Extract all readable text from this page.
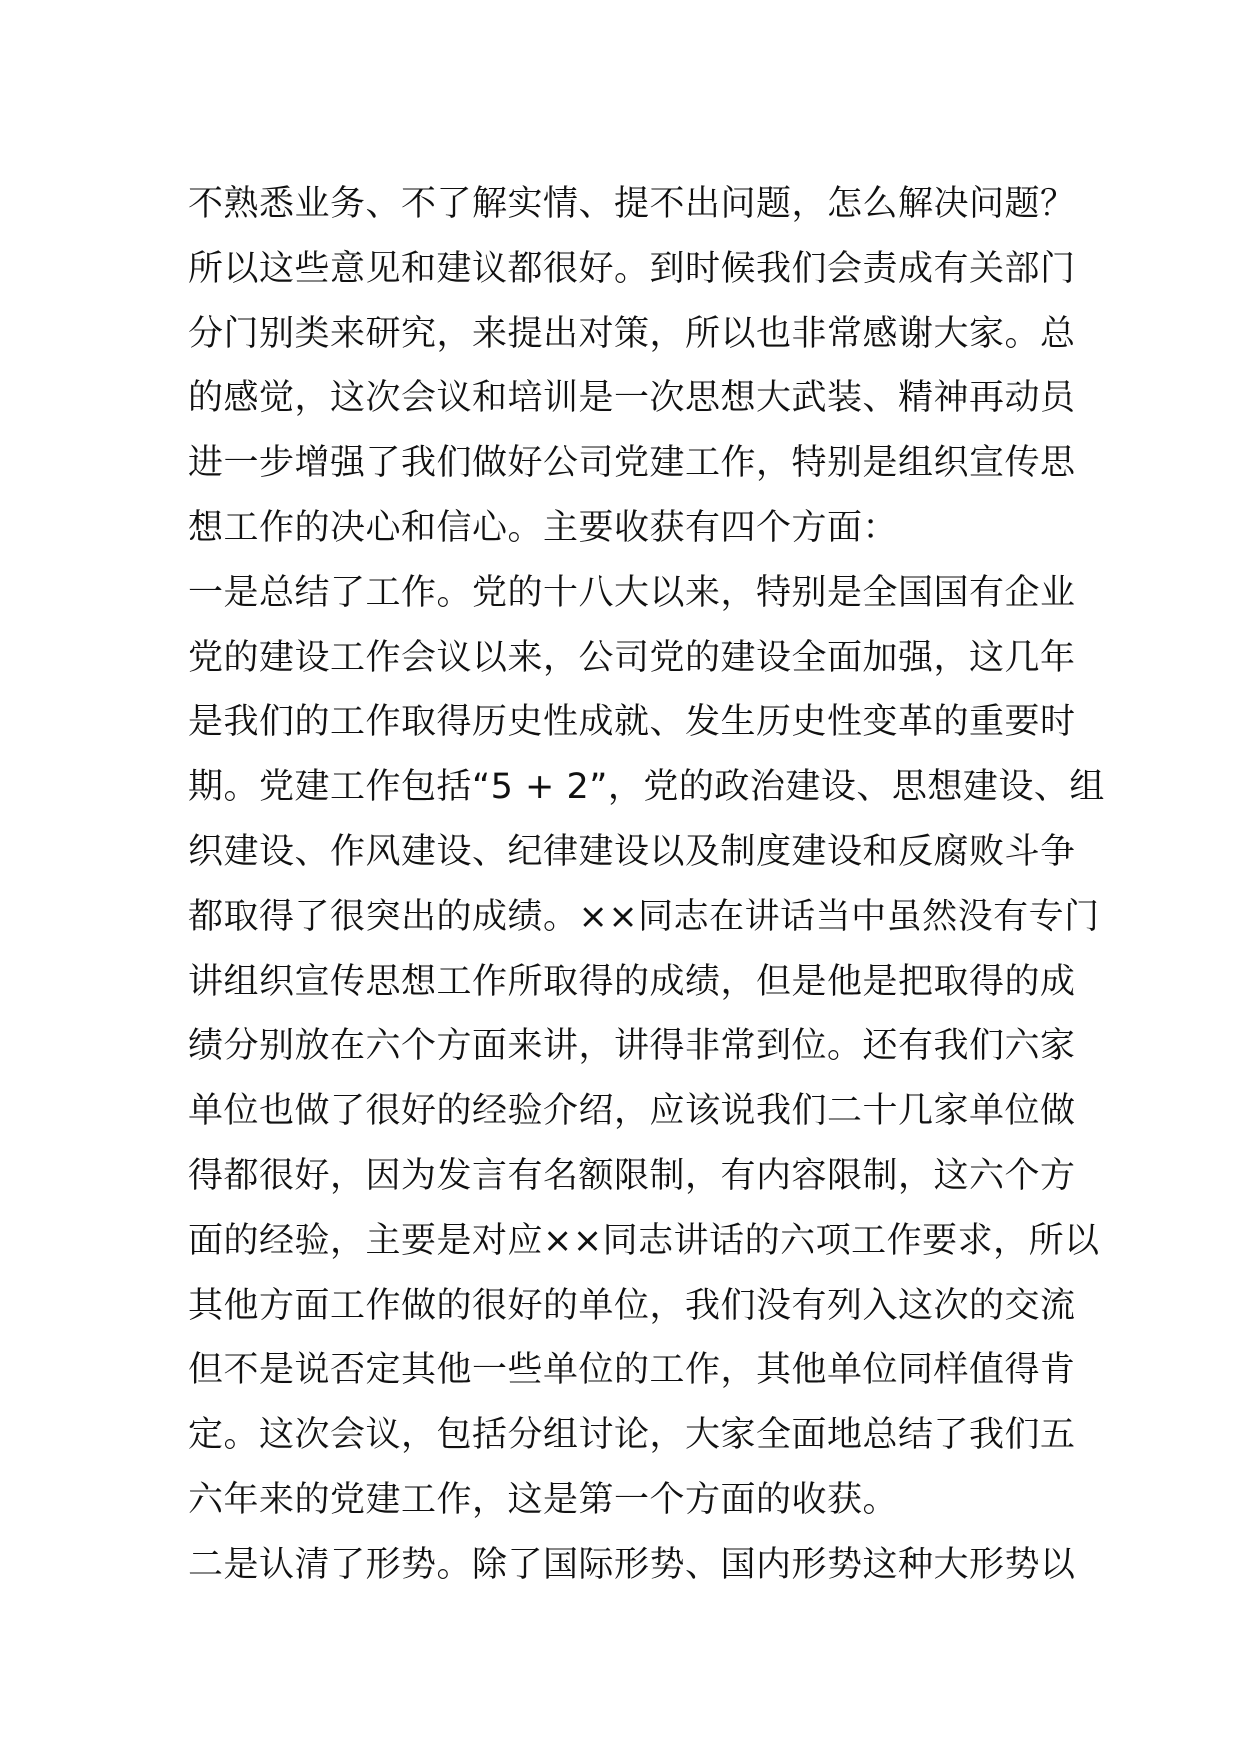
不熟悉业务、不了解实情、提不出问题，怎么解决问题？
所以这些意见和建议都很好。到时候我们会责成有关部门
分门别类来研究，来提出对策，所以也非常感谢大家。总
的感觉，这次会议和培训是一次思想大武装、精神再动员
进一步增强了我们做好公司党建工作，特别是组织宣传思
想工作的决心和信心。主要收获有四个方面：
一是总结了工作。党的十八大以来，特别是全国国有企业
党的建设工作会议以来，公司党的建设全面加强，这几年
是我们的工作取得历史性成就、发生历史性变革的重要时
期。党建工作包括“5 + 2”，党的政治建设、思想建设、组
织建设、作风建设、纪律建设以及制度建设和反腐败斗争
都取得了很突出的成绩。××同志在讲话当中虽然没有专门
讲组织宣传思想工作所取得的成绩，但是他是把取得的成
绩分别放在六个方面来讲，讲得非常到位。还有我们六家
单位也做了很好的经验介绍，应该说我们二十几家单位做
得都很好，因为发言有名额限制，有内容限制，这六个方
面的经验，主要是对应××同志讲话的六项工作要求，所以
其他方面工作做的很好的单位，我们没有列入这次的交流
但不是说否定其他一些单位的工作，其他单位同样值得肯
定。这次会议，包括分组讨论，大家全面地总结了我们五
六年来的党建工作，这是第一个方面的收获。
二是认清了形势。除了国际形势、国内形势这种大形势以
